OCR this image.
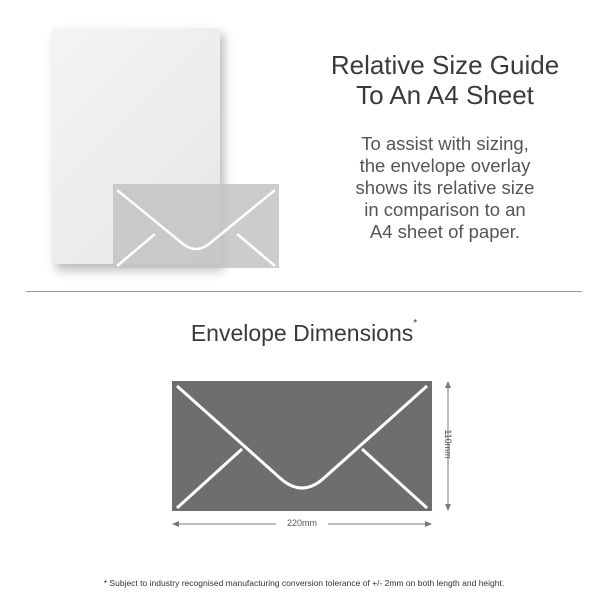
Relative Size Guide
To An A4 Sheet
To assist with sizing,
the envelope overlay
shows its relative size
in comparison to an
A4 sheet of paper.
Envelope Dimensions*
110mm
220mm
* Subject to industry recognised manufacturing conversion tolerance of +/- 2mm on both length and height.
